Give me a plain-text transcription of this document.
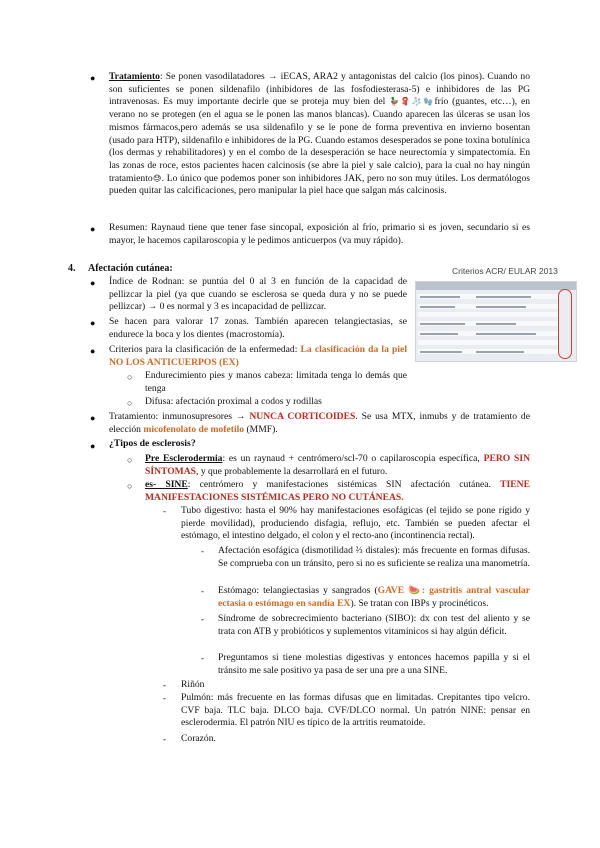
● Tratamiento: Se ponen vasodilatadores → iECAS, ARA2 y antagonistas del calcio (los pinos). Cuando no son suficientes se ponen sildenafilo (inhibidores de las fosfodiesterasa-5) e inhibidores de las PG intravenosas. Es muy importante decirle que se proteja muy bien del 🦆🧣🧦🧤frío (guantes, etc…), en verano no se protegen (en el agua se le ponen las manos blancas). Cuando aparecen las úlceras se usan los mismos fármacos,pero además se usa sildenafilo y se le pone de forma preventiva en invierno bosentan (usado para HTP), sildenafilo e inhibidores de la PG. Cuando estamos desesperados se pone toxina botulínica (los dermas y rehabilitadores) y en el combo de la desesperación se hace neurectomía y simpatectomía. En las zonas de roce, estos pacientes hacen calcinosis (se abre la piel y sale calcio), para la cual no hay ningún tratamiento😓. Lo único que podemos poner son inhibidores JAK, pero no son muy útiles. Los dermatólogos pueden quitar las calcificaciones, pero manipular la piel hace que salgan más calcinosis.

● Resumen: Raynaud tiene que tener fase sincopal, exposición al frío, primario si es joven, secundario si es mayor, le hacemos capilaroscopia y le pedimos anticuerpos (va muy rápido).

4. Afectación cutánea:	Criterios ACR/ EULAR 2013
● Índice de Rodnan: se puntúa del 0 al 3 en función de la capacidad de pellizcar la piel (ya que cuando se esclerosa se queda dura y no se puede pellizcar) → 0 es normal y 3 es incapacidad de pellizcar.

● Se hacen para valorar 17 zonas. También aparecen telangiectasias, se endurece la boca y los dientes (macrostomía).

● Criterios para la clasificación de la enfermedad: La clasificación da la piel NO LOS ANTICUERPOS (EX)

○ Endurecimiento pies y manos cabeza: limitada tenga lo demás que tenga

○ Difusa: afectación proximal a codos y rodillas

● Tratamiento: inmunosupresores → NUNCA CORTICOIDES. Se usa MTX, inmubs y de tratamiento de elección micofenolato de mofetilo (MMF).

● ¿Tipos de esclerosis?
○ Pre Esclerodermia: es un raynaud + centrómero/scl-70 o capilaroscopia específica, PERO SIN SÍNTOMAS, y que probablemente la desarrollará en el futuro.

○ es- SINE: centrómero y manifestaciones sistémicas SIN afectación cutánea. TIENE MANIFESTACIONES SISTÉMICAS PERO NO CUTÁNEAS.

- Tubo digestivo: hasta el 90% hay manifestaciones esofágicas (el tejido se pone rígido y pierde movilidad), produciendo disfagia, reflujo, etc. También se pueden afectar el estómago, el intestino delgado, el colon y el recto-ano (incontinencia rectal).

- Afectación esofágica (dismotilidad ⅔ distales): más frecuente en formas difusas. Se comprueba con un tránsito, pero si no es suficiente se realiza una manometría.

- Estómago: telangiectasias y sangrados (GAVE 🍉: gastritis antral vascular ectasia o estómago en sandía EX). Se tratan con IBPs y procinéticos.

- Síndrome de sobrecrecimiento bacteriano (SIBO): dx con test del aliento y se trata con ATB y probióticos y suplementos vitamínicos si hay algún déficit.

- Preguntamos si tiene molestias digestivas y entonces hacemos papilla y si el tránsito me sale positivo ya pasa de ser una pre a una SINE.

- Riñón

- Pulmón: más frecuente en las formas difusas que en limitadas. Crepitantes tipo velcro. CVF baja. TLC baja. DLCO baja. CVF/DLCO normal. Un patrón NINE: pensar en esclerodermia. El patrón NIU es típico de la artritis reumatoide.

- Corazón.
